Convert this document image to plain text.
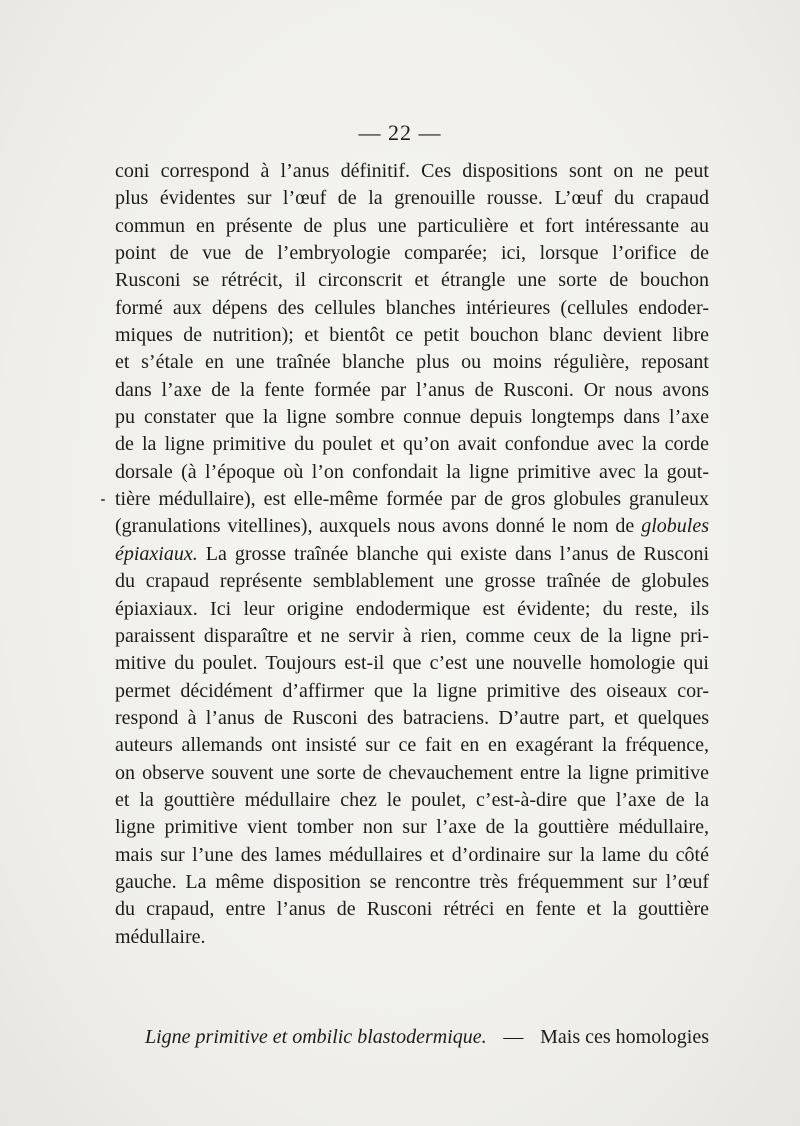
— 22 —
coni correspond à l’anus définitif. Ces dispositions sont on ne peut
plus évidentes sur l’œuf de la grenouille rousse. L’œuf du crapaud
commun en présente de plus une particulière et fort intéressante au
point de vue de l’embryologie comparée; ici, lorsque l’orifice de
Rusconi se rétrécit, il circonscrit et étrangle une sorte de bouchon
formé aux dépens des cellules blanches intérieures (cellules endoder-
miques de nutrition); et bientôt ce petit bouchon blanc devient libre
et s’étale en une traînée blanche plus ou moins régulière, reposant
dans l’axe de la fente formée par l’anus de Rusconi. Or nous avons
pu constater que la ligne sombre connue depuis longtemps dans l’axe
de la ligne primitive du poulet et qu’on avait confondue avec la corde
dorsale (à l’époque où l’on confondait la ligne primitive avec la gout-
tière médullaire), est elle-même formée par de gros globules granuleux
(granulations vitellines), auxquels nous avons donné le nom de globules
épiaxiaux. La grosse traînée blanche qui existe dans l’anus de Rusconi
du crapaud représente semblablement une grosse traînée de globules
épiaxiaux. Ici leur origine endodermique est évidente; du reste, ils
paraissent disparaître et ne servir à rien, comme ceux de la ligne pri-
mitive du poulet. Toujours est-il que c’est une nouvelle homologie qui
permet décidément d’affirmer que la ligne primitive des oiseaux cor-
respond à l’anus de Rusconi des batraciens. D’autre part, et quelques
auteurs allemands ont insisté sur ce fait en en exagérant la fréquence,
on observe souvent une sorte de chevauchement entre la ligne primitive
et la gouttière médullaire chez le poulet, c’est-à-dire que l’axe de la
ligne primitive vient tomber non sur l’axe de la gouttière médullaire,
mais sur l’une des lames médullaires et d’ordinaire sur la lame du côté
gauche. La même disposition se rencontre très fréquemment sur l’œuf
du crapaud, entre l’anus de Rusconi rétréci en fente et la gouttière
médullaire.
Ligne primitive et ombilic blastodermique. — Mais ces homologies
